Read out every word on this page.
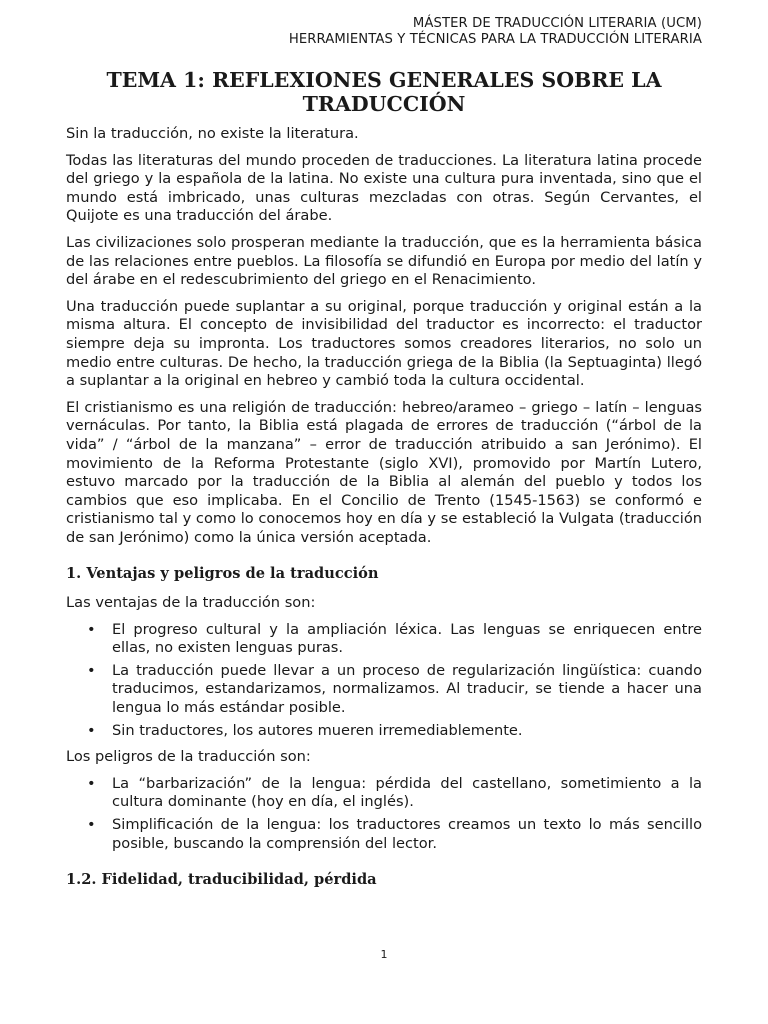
MÁSTER DE TRADUCCIÓN LITERARIA (UCM)
HERRAMIENTAS Y TÉCNICAS PARA LA TRADUCCIÓN LITERARIA
TEMA 1: REFLEXIONES GENERALES SOBRE LA
TRADUCCIÓN

Sin la traducción, no existe la literatura.

Todas las literaturas del mundo proceden de traducciones. La literatura latina procede del griego y la española de la latina. No existe una cultura pura inventada, sino que el mundo está imbricado, unas culturas mezcladas con otras. Según Cervantes, el Quijote es una traducción del árabe.

Las civilizaciones solo prosperan mediante la traducción, que es la herramienta básica de las relaciones entre pueblos. La filosofía se difundió en Europa por medio del latín y del árabe en el redescubrimiento del griego en el Renacimiento.

Una traducción puede suplantar a su original, porque traducción y original están a la misma altura. El concepto de invisibilidad del traductor es incorrecto: el traductor siempre deja su impronta. Los traductores somos creadores literarios, no solo un medio entre culturas. De hecho, la traducción griega de la Biblia (la Septuaginta) llegó a suplantar a la original en hebreo y cambió toda la cultura occidental.

El cristianismo es una religión de traducción: hebreo/arameo – griego – latín – lenguas vernáculas. Por tanto, la Biblia está plagada de errores de traducción (“árbol de la vida” / “árbol de la manzana” – error de traducción atribuido a san Jerónimo). El movimiento de la Reforma Protestante (siglo XVI), promovido por Martín Lutero, estuvo marcado por la traducción de la Biblia al alemán del pueblo y todos los cambios que eso implicaba. En el Concilio de Trento (1545-1563) se conformó e cristianismo tal y como lo conocemos hoy en día y se estableció la Vulgata (traducción de san Jerónimo) como la única versión aceptada.

1. Ventajas y peligros de la traducción

Las ventajas de la traducción son:

• El progreso cultural y la ampliación léxica. Las lenguas se enriquecen entre ellas, no existen lenguas puras.
• La traducción puede llevar a un proceso de regularización lingüística: cuando traducimos, estandarizamos, normalizamos. Al traducir, se tiende a hacer una lengua lo más estándar posible.
• Sin traductores, los autores mueren irremediablemente.

Los peligros de la traducción son:

• La “barbarización” de la lengua: pérdida del castellano, sometimiento a la cultura dominante (hoy en día, el inglés).
• Simplificación de la lengua: los traductores creamos un texto lo más sencillo posible, buscando la comprensión del lector.
1.2. Fidelidad, traducibilidad, pérdida
1
